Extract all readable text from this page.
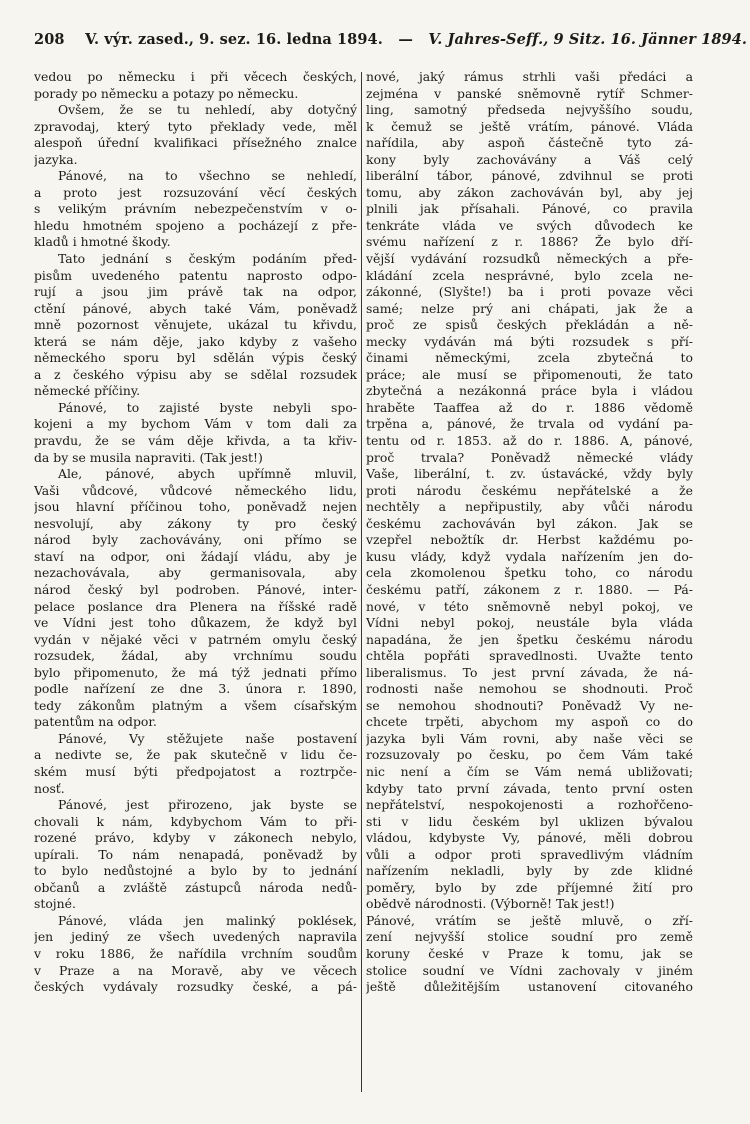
208 V. výr. zased., 9. sez. 16. ledna 1894. — V. Jahres-Seff., 9 Sitz. 16. Jänner 1894.
vedou po německu i při věcech českých,
porady po německu a potazy po německu.
Ovšem, že se tu nehledí, aby dotyčný
zpravodaj, který tyto překlady vede, měl
alespoň úřední kvalifikaci přísežného znalce
jazyka.
Pánové, na to všechno se nehledí,
a proto jest rozsuzování věcí českých
s velikým právním nebezpečenstvím v o-
hledu hmotném spojeno a pocházejí z pře-
kladů i hmotné škody.
Tato jednání s českým podáním před-
pisům uvedeného patentu naprosto odpo-
rují a jsou jim právě tak na odpor,
ctění pánové, abych také Vám, poněvadž
mně pozornost věnujete, ukázal tu křivdu,
která se nám děje, jako kdyby z vašeho
německého sporu byl sdělán výpis český
a z českého výpisu aby se sdělal rozsudek
německé příčiny.
Pánové, to zajisté byste nebyli spo-
kojeni a my bychom Vám v tom dali za
pravdu, že se vám děje křivda, a ta křiv-
da by se musila napraviti. (Tak jest!)
Ale, pánové, abych upřímně mluvil,
Vaši vůdcové, vůdcové německého lidu,
jsou hlavní příčinou toho, poněvadž nejen
nesvolují, aby zákony ty pro český
národ byly zachovávány, oni přímo se
staví na odpor, oni žádají vládu, aby je
nezachovávala, aby germanisovala, aby
národ český byl podroben. Pánové, inter-
pelace poslance dra Plenera na říšské radě
ve Vídni jest toho důkazem, že když byl
vydán v nějaké věci v patrném omylu český
rozsudek, žádal, aby vrchnímu soudu
bylo připomenuto, že má týž jednati přímo
podle nařízení ze dne 3. února r. 1890,
tedy zákonům platným a všem císařským
patentům na odpor.
Pánové, Vy stěžujete naše postavení
a nedivte se, že pak skutečně v lidu če-
ském musí býti předpojatost a roztrpče-
nosť.
Pánové, jest přirozeno, jak byste se
chovali k nám, kdybychom Vám to při-
rozené právo, kdyby v zákonech nebylo,
upírali. To nám nenapadá, poněvadž by
to bylo nedůstojné a bylo by to jednání
občanů a zvláště zástupců národa nedů-
stojné.
Pánové, vláda jen malinký poklések,
jen jediný ze všech uvedených napravila
v roku 1886, že nařídila vrchním soudům
v Praze a na Moravě, aby ve věcech
českých vydávaly rozsudky české, a pá-
nové, jaký rámus strhli vaši předáci a
zejména v panské sněmovně rytíř Schmer-
ling, samotný předseda nejvyššího soudu,
k čemuž se ještě vrátím, pánové. Vláda
nařídila, aby aspoň částečně tyto zá-
kony byly zachovávány a Váš celý
liberální tábor, pánové, zdvihnul se proti
tomu, aby zákon zachováván byl, aby jej
plnili jak přísahali. Pánové, co pravila
tenkráte vláda ve svých důvodech ke
svému nařízení z r. 1886? Že bylo dří-
vější vydávání rozsudků německých a pře-
kládání zcela nesprávné, bylo zcela ne-
zákonné, (Slyšte!) ba i proti povaze věci
samé; nelze prý ani chápati, jak že a
proč ze spisů českých překládán a ně-
mecky vydáván má býti rozsudek s pří-
činami německými, zcela zbytečná to
práce; ale musí se připomenouti, že tato
zbytečná a nezákonná práce byla i vládou
hraběte Taaffea až do r. 1886 vědomě
trpěna a, pánové, že trvala od vydání pa-
tentu od r. 1853. až do r. 1886. A, pánové,
proč trvala? Poněvadž německé vlády
Vaše, liberální, t. zv. ústavácké, vždy byly
proti národu českému nepřátelské a že
nechtěly a nepřipustily, aby vůči národu
českému zachováván byl zákon. Jak se
vzepřel nebožtík dr. Herbst každému po-
kusu vlády, když vydala nařízením jen do-
cela zkomolenou špetku toho, co národu
českému patří, zákonem z r. 1880. — Pá-
nové, v této sněmovně nebyl pokoj, ve
Vídni nebyl pokoj, neustále byla vláda
napadána, že jen špetku českému národu
chtěla popřáti spravedlnosti. Uvažte tento
liberalismus. To jest první závada, že ná-
rodnosti naše nemohou se shodnouti. Proč
se nemohou shodnouti? Poněvadž Vy ne-
chcete trpěti, abychom my aspoň co do
jazyka byli Vám rovni, aby naše věci se
rozsuzovaly po česku, po čem Vám také
nic není a čím se Vám nemá ubližovati;
kdyby tato první závada, tento první osten
nepřátelství, nespokojenosti a rozhořčeno-
sti v lidu českém byl uklizen bývalou
vládou, kdybyste Vy, pánové, měli dobrou
vůli a odpor proti spravedlivým vládním
nařízením nekladli, byly by zde klidné
poměry, bylo by zde příjemné žití pro
obědvě národnosti. (Výborně! Tak jest!)
Pánové, vrátím se ještě mluvě, o zří-
zení nejvyšší stolice soudní pro země
koruny české v Praze k tomu, jak se
stolice soudní ve Vídni zachovaly v jiném
ještě důležitějším ustanovení citovaného
